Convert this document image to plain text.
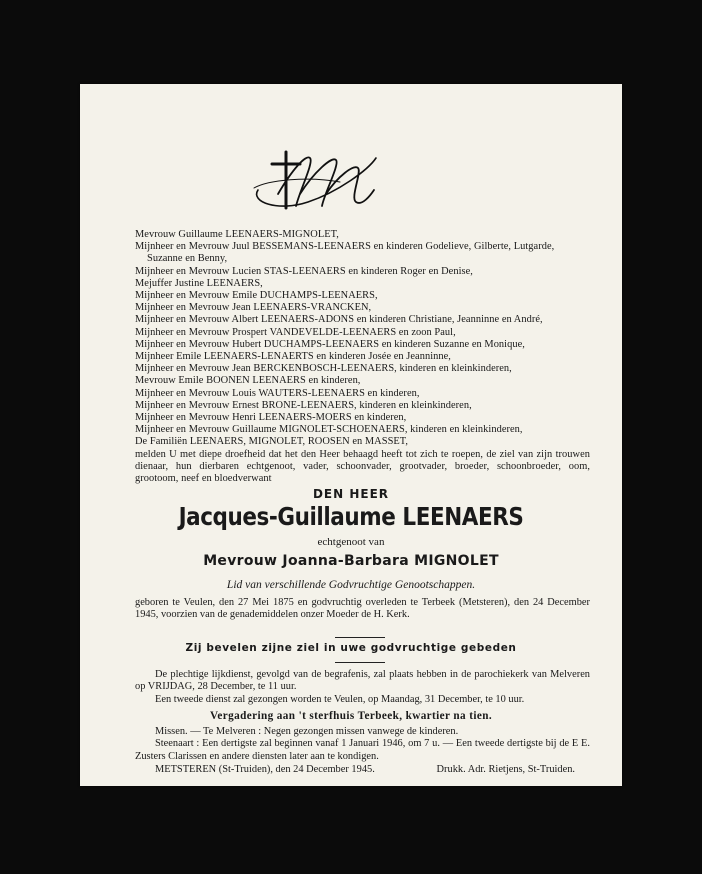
Mevrouw Guillaume LEENAERS-MIGNOLET,
Mijnheer en Mevrouw Juul BESSEMANS-LEENAERS en kinderen Godelieve, Gilberte, Lutgarde,
Suzanne en Benny,
Mijnheer en Mevrouw Lucien STAS-LEENAERS en kinderen Roger en Denise,
Mejuffer Justine LEENAERS,
Mijnheer en Mevrouw Emile DUCHAMPS-LEENAERS,
Mijnheer en Mevrouw Jean LEENAERS-VRANCKEN,
Mijnheer en Mevrouw Albert LEENAERS-ADONS en kinderen Christiane, Jeanninne en André,
Mijnheer en Mevrouw Prospert VANDEVELDE-LEENAERS en zoon Paul,
Mijnheer en Mevrouw Hubert DUCHAMPS-LEENAERS en kinderen Suzanne en Monique,
Mijnheer Emile LEENAERS-LENAERTS en kinderen Josée en Jeanninne,
Mijnheer en Mevrouw Jean BERCKENBOSCH-LEENAERS, kinderen en kleinkinderen,
Mevrouw Emile BOONEN LEENAERS en kinderen,
Mijnheer en Mevrouw Louis WAUTERS-LEENAERS en kinderen,
Mijnheer en Mevrouw Ernest BRONE-LEENAERS, kinderen en kleinkinderen,
Mijnheer en Mevrouw Henri LEENAERS-MOERS en kinderen,
Mijnheer en Mevrouw Guillaume MIGNOLET-SCHOENAERS, kinderen en kleinkinderen,
De Familiën LEENAERS, MIGNOLET, ROOSEN en MASSET,
melden U met diepe droefheid dat het den Heer behaagd heeft tot zich te roepen, de ziel van zijn trouwen dienaar, hun dierbaren echtgenoot, vader, schoonvader, grootvader, broeder, schoonbroeder, oom, grootoom, neef en bloedverwant
DEN HEER
Jacques-Guillaume LEENAERS
echtgenoot van
Mevrouw Joanna-Barbara MIGNOLET
Lid van verschillende Godvruchtige Genootschappen.
geboren te Veulen, den 27 Mei 1875 en godvruchtig overleden te Terbeek (Metsteren), den 24 December 1945, voorzien van de genademiddelen onzer Moeder de H. Kerk.
Zij bevelen zijne ziel in uwe godvruchtige gebeden

De plechtige lijkdienst, gevolgd van de begrafenis, zal plaats hebben in de parochiekerk van Melveren op VRIJDAG, 28 December, te 11 uur.

Een tweede dienst zal gezongen worden te Veulen, op Maandag, 31 December, te 10 uur.

Vergadering aan 't sterfhuis Terbeek, kwartier na tien.

Missen. — Te Melveren : Negen gezongen missen vanwege de kinderen.

Steenaart : Een dertigste zal beginnen vanaf 1 Januari 1946, om 7 u. — Een tweede dertigste bij de E E. Zusters Clarissen en andere diensten later aan te kondigen.

METSTEREN (St-Truiden), den 24 December 1945.	Drukk. Adr. Rietjens, St-Truiden.
